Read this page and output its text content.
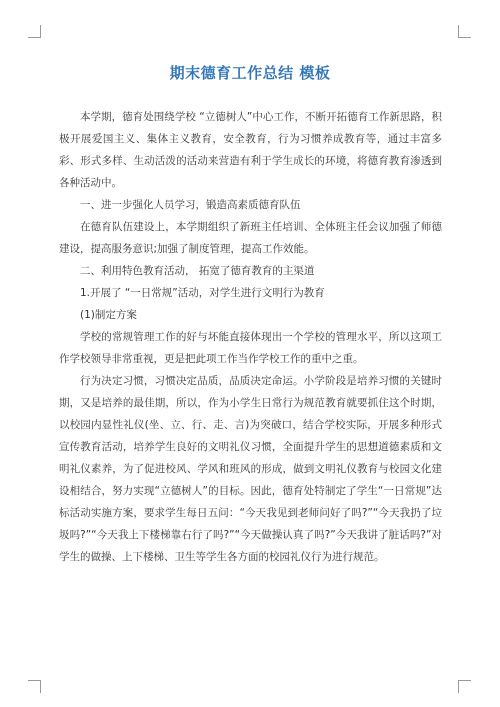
期末德育工作总结 模板

本学期，德育处围绕学校 “立德树人”中心工作，不断开拓德育工作新思路，积极开展爱国主义、集体主义教育，安全教育，行为习惯养成教育等，通过丰富多彩、形式多样、生动活泼的活动来营造有利于学生成长的环境，将德育教育渗透到各种活动中。

一、进一步强化人员学习，锻造高素质德育队伍

在德育队伍建设上，本学期组织了新班主任培训、全体班主任会议加强了师德建设，提高服务意识;加强了制度管理，提高工作效能。

二、利用特色教育活动， 拓宽了德育教育的主渠道

1.开展了 “一日常规”活动，对学生进行文明行为教育

(1)制定方案

学校的常规管理工作的好与坏能直接体现出一个学校的管理水平，所以这项工作学校领导非常重视，更是把此项工作当作学校工作的重中之重。

行为决定习惯，习惯决定品质，品质决定命运。小学阶段是培养习惯的关键时期，又是培养的最佳期，所以，作为小学生日常行为规范教育就要抓住这个时期，以校园内显性礼仪(坐、立、行、走、言)为突破口，结合学校实际，开展多种形式宣传教育活动，培养学生良好的文明礼仪习惯，全面提升学生的思想道德素质和文明礼仪素养，为了促进校风、学风和班风的形成，做到文明礼仪教育与校园文化建设相结合，努力实现“立德树人”的目标。因此，德育处特制定了学生“一日常规”达标活动实施方案，要求学生每日五问：“今天我见到老师问好了吗?”“今天我扔了垃圾吗?”“今天我上下楼梯靠右行了吗?”“今天做操认真了吗?”今天我讲了脏话吗?”对学生的做操、上下楼梯、卫生等学生各方面的校园礼仪行为进行规范。
